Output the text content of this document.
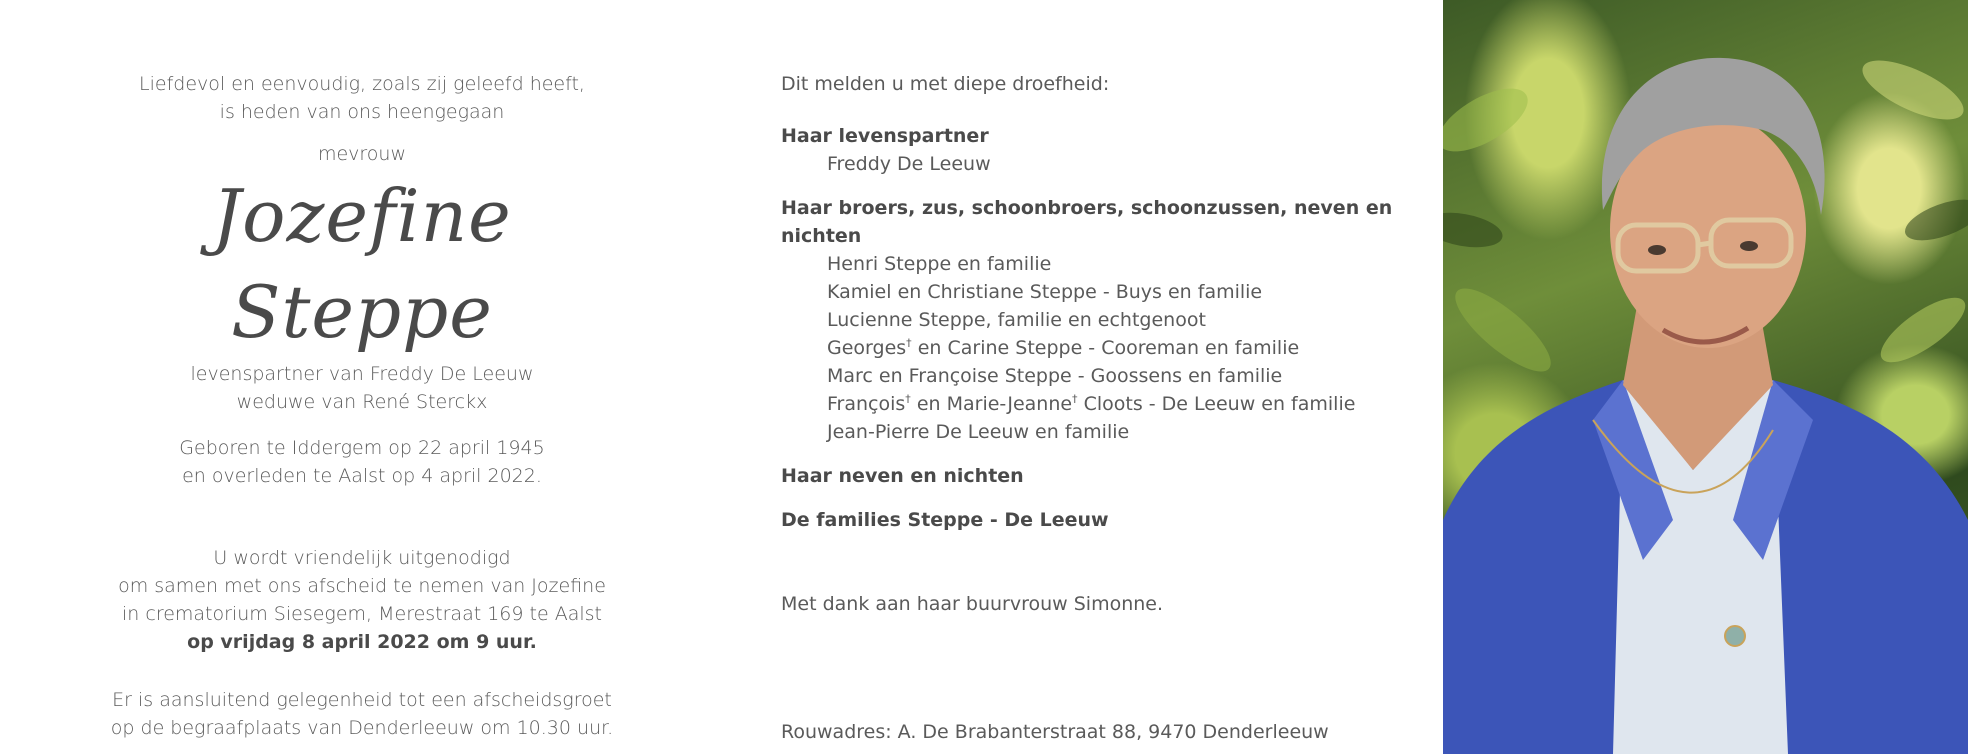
Liefdevol en eenvoudig, zoals zij geleefd heeft,

is heden van ons heengegaan

mevrouw

Jozefine Steppe

levenspartner van Freddy De Leeuw

weduwe van René Sterckx

Geboren te Iddergem op 22 april 1945

en overleden te Aalst op 4 april 2022.

U wordt vriendelijk uitgenodigd

om samen met ons afscheid te nemen van Jozefine

in crematorium Siesegem, Merestraat 169 te Aalst

op vrijdag 8 april 2022 om 9 uur.

Er is aansluitend gelegenheid tot een afscheidsgroet

op de begraafplaats van Denderleeuw om 10.30 uur.

Dit melden u met diepe droefheid:

Haar levenspartner

Freddy De Leeuw

Haar broers, zus, schoonbroers, schoonzussen, neven en nichten

Henri Steppe en familie

Kamiel en Christiane Steppe - Buys en familie

Lucienne Steppe, familie en echtgenoot

Georges† en Carine Steppe - Cooreman en familie

Marc en Françoise Steppe - Goossens en familie

François† en Marie-Jeanne† Cloots - De Leeuw en familie

Jean-Pierre De Leeuw en familie

Haar neven en nichten

De families Steppe - De Leeuw

Met dank aan haar buurvrouw Simonne.

Rouwadres: A. De Brabanterstraat 88, 9470 Denderleeuw
